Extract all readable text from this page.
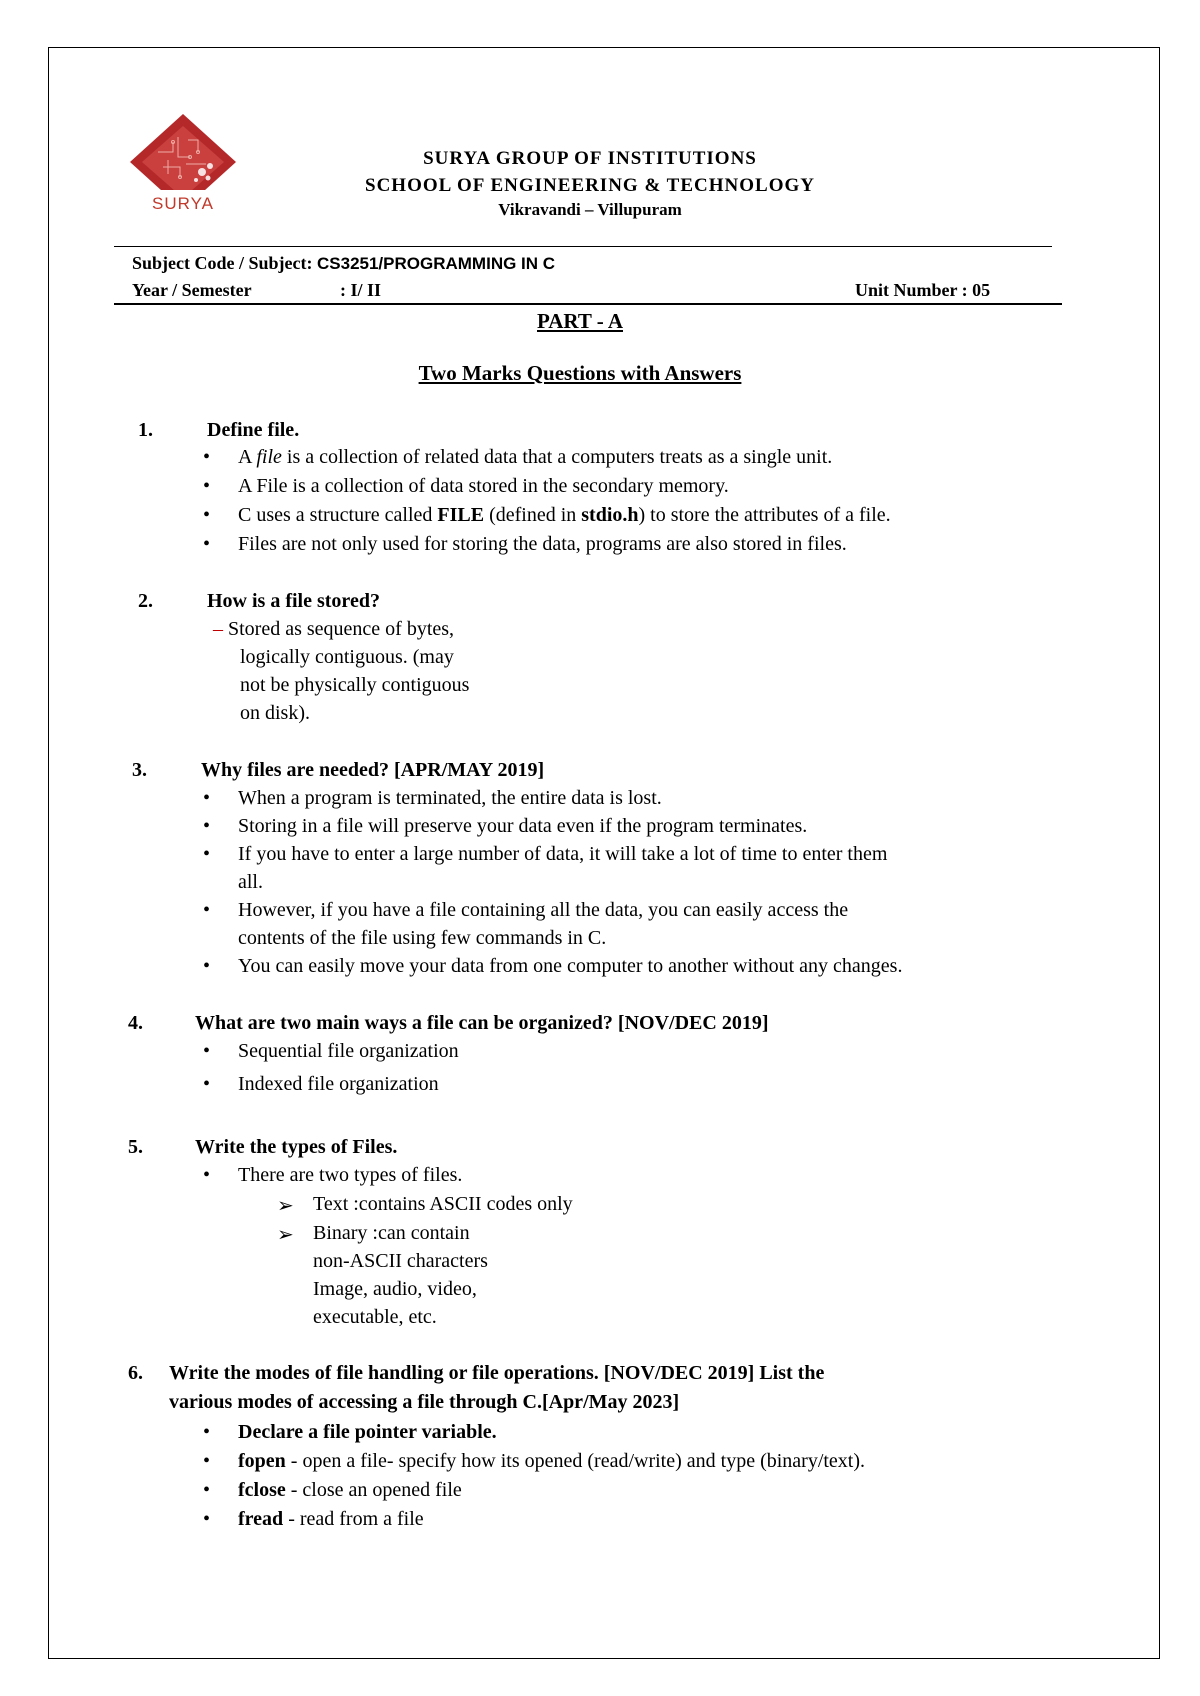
SURYA
SURYA GROUP OF INSTITUTIONS
SCHOOL OF ENGINEERING & TECHNOLOGY
Vikravandi – Villupuram
Subject Code / Subject: CS3251/PROGRAMMING IN C
Year / Semester	: I/ II	Unit Number : 05
PART - A
Two Marks Questions with Answers
1.	Define file.
• A file is a collection of related data that a computers treats as a single unit.
• A File is a collection of data stored in the secondary memory.
• C uses a structure called FILE (defined in stdio.h) to store the attributes of a file.
• Files are not only used for storing the data, programs are also stored in files.
2.	How is a file stored?
– Stored as sequence of bytes,
logically contiguous. (may
not be physically contiguous
on disk).
3.	Why files are needed? [APR/MAY 2019]
• When a program is terminated, the entire data is lost.
• Storing in a file will preserve your data even if the program terminates.
• If you have to enter a large number of data, it will take a lot of time to enter them
all.
• However, if you have a file containing all the data, you can easily access the
contents of the file using few commands in C.
• You can easily move your data from one computer to another without any changes.
4.	What are two main ways a file can be organized? [NOV/DEC 2019]
• Sequential file organization
• Indexed file organization
5.	Write the types of Files.
• There are two types of files.
➢ Text :contains ASCII codes only
➢ Binary :can contain
non-ASCII characters
Image, audio, video,
executable, etc.
6. Write the modes of file handling or file operations. [NOV/DEC 2019] List the
various modes of accessing a file through C.[Apr/May 2023]
• Declare a file pointer variable.
• fopen - open a file- specify how its opened (read/write) and type (binary/text).
• fclose - close an opened file
• fread - read from a file
